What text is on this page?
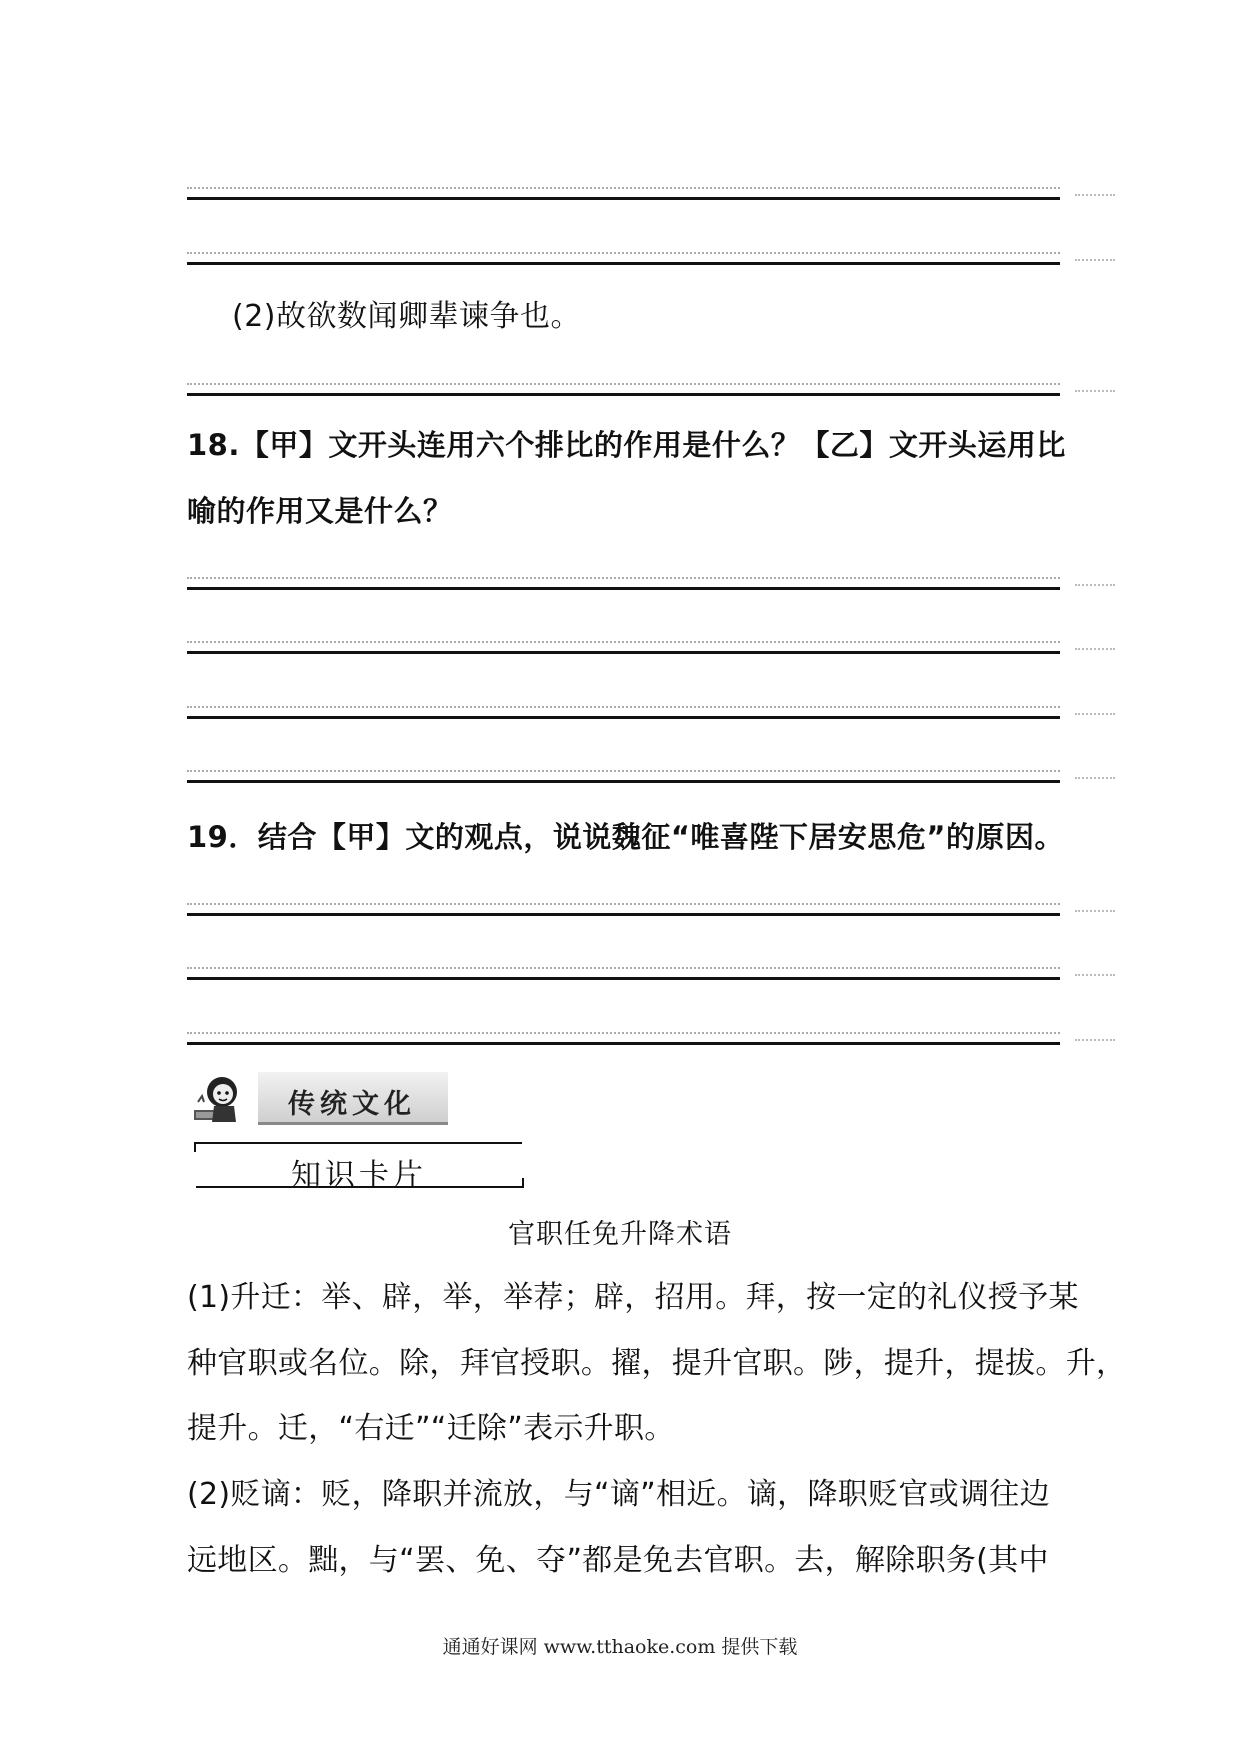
(2)故欲数闻卿辈谏争也。
18.【甲】文开头连用六个排比的作用是什么？【乙】文开头运用比
喻的作用又是什么？
19．结合【甲】文的观点，说说魏征“唯喜陛下居安思危”的原因。
传统文化
知识卡片
官职任免升降术语
(1)升迁：举、辟，举，举荐；辟，招用。拜，按一定的礼仪授予某
种官职或名位。除，拜官授职。擢，提升官职。陟，提升，提拔。升，
提升。迁，“右迁”“迁除”表示升职。
(2)贬谪：贬，降职并流放，与“谪”相近。谪，降职贬官或调往边
远地区。黜，与“罢、免、夺”都是免去官职。去，解除职务(其中
通通好课网 www.tthaoke.com 提供下载
